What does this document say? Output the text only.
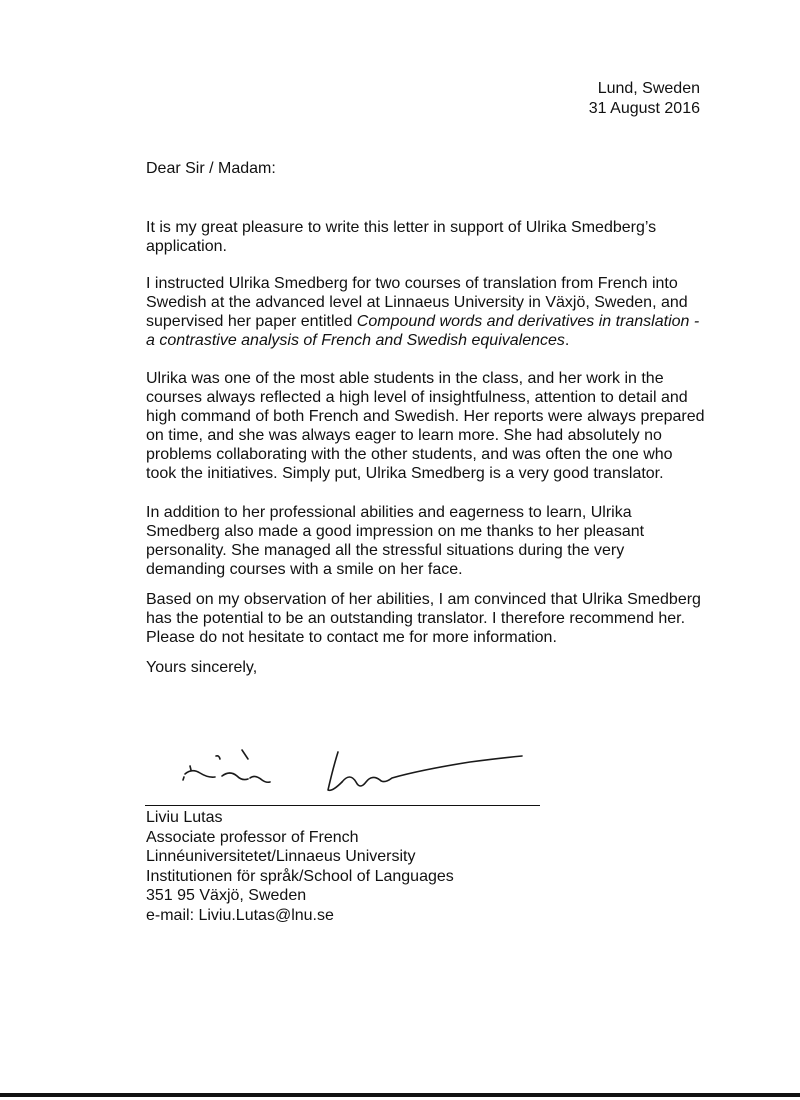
Lund, Sweden
31 August 2016
Dear Sir / Madam:

It is my great pleasure to write this letter in support of Ulrika Smedberg’s application.

I instructed Ulrika Smedberg for two courses of translation from French into Swedish at the advanced level at Linnaeus University in Växjö, Sweden, and supervised her paper entitled Compound words and derivatives in translation - a contrastive analysis of French and Swedish equivalences.

Ulrika was one of the most able students in the class, and her work in the courses always reflected a high level of insightfulness, attention to detail and high command of both French and Swedish. Her reports were always prepared on time, and she was always eager to learn more. She had absolutely no problems collaborating with the other students, and was often the one who took the initiatives. Simply put, Ulrika Smedberg is a very good translator.

In addition to her professional abilities and eagerness to learn, Ulrika Smedberg also made a good impression on me thanks to her pleasant personality. She managed all the stressful situations during the very demanding courses with a smile on her face.

Based on my observation of her abilities, I am convinced that Ulrika Smedberg has the potential to be an outstanding translator. I therefore recommend her. Please do not hesitate to contact me for more information.

Yours sincerely,

Liviu Lutas
Associate professor of French
Linnéuniversitetet/Linnaeus University
Institutionen för språk/School of Languages
351 95 Växjö, Sweden
e-mail: Liviu.Lutas@lnu.se
